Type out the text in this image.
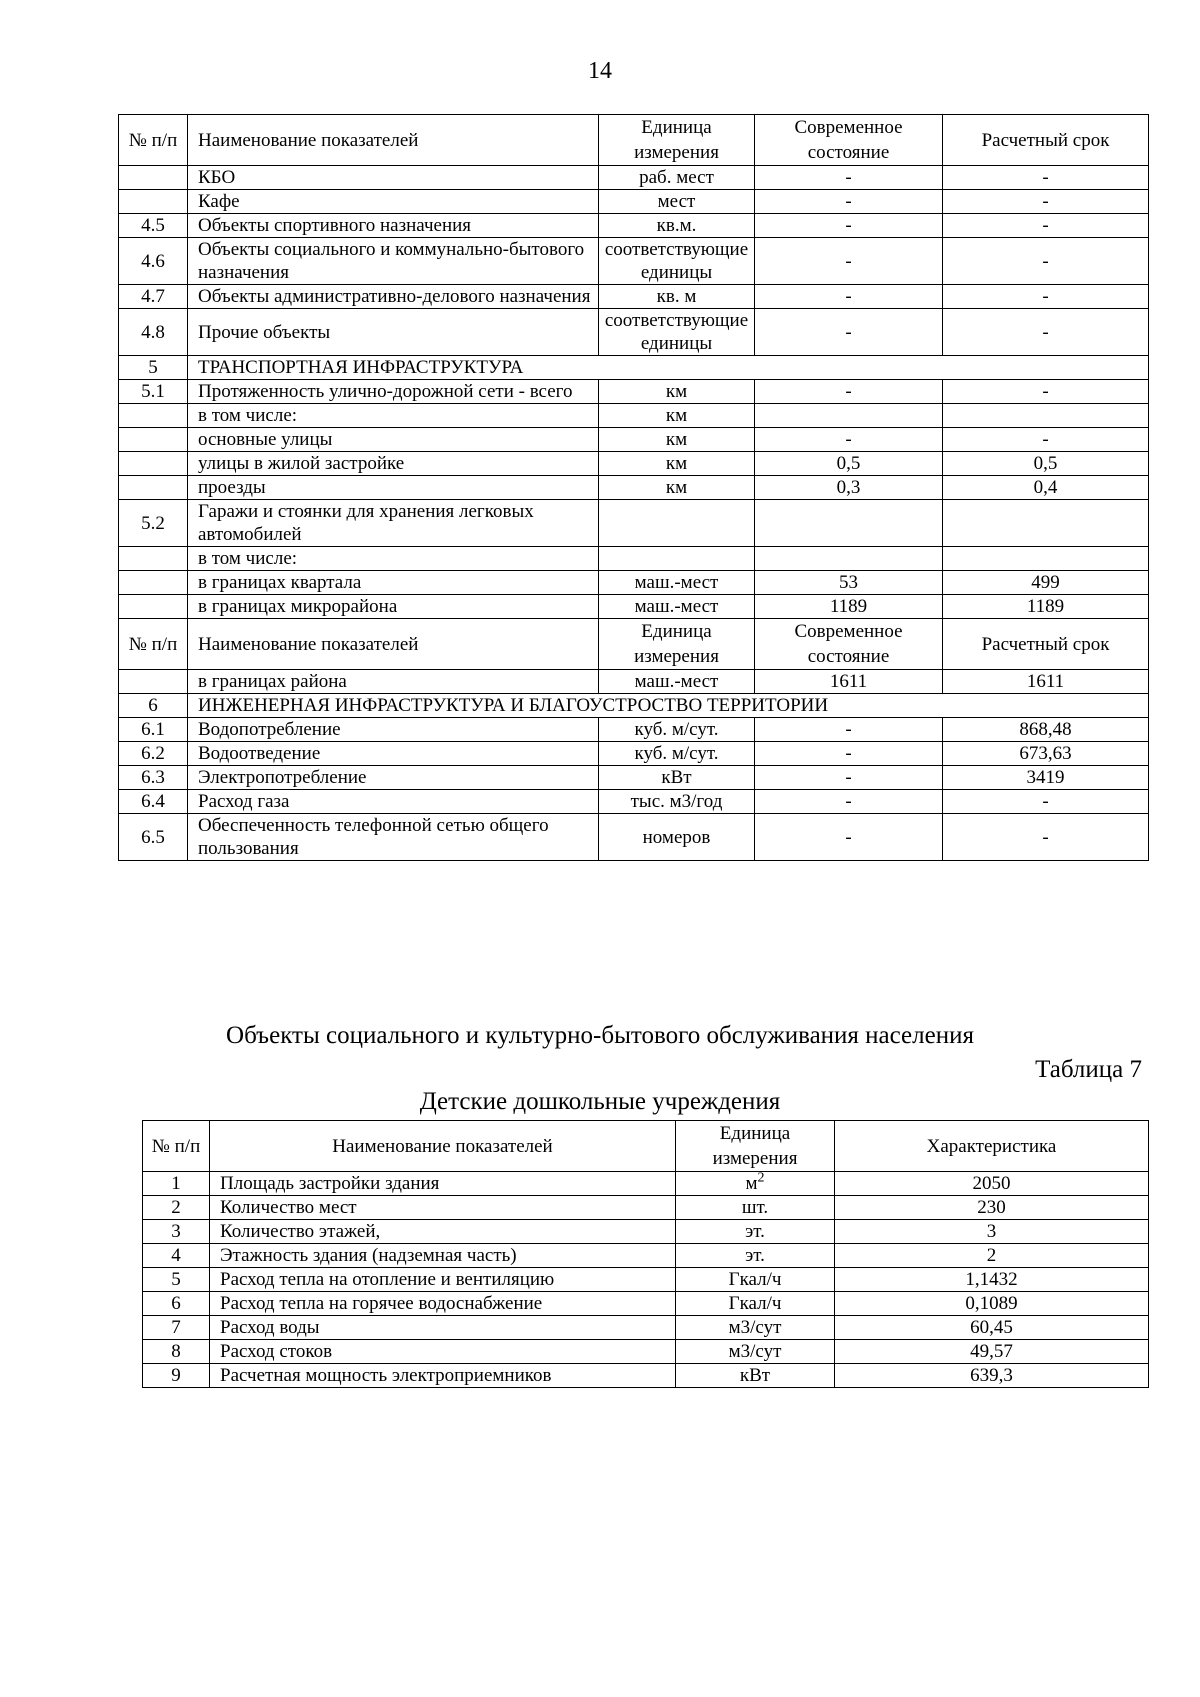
14
№ п/п	Наименование показателей	Единица измерения	Современное состояние	Расчетный срок
	КБО	раб. мест	-	-
	Кафе	мест	-	-
4.5	Объекты спортивного назначения	кв.м.	-	-
4.6	Объекты социального и коммунально-бытового назначения	соответствующие единицы	-	-
4.7	Объекты административно-делового назначения	кв. м	-	-
4.8	Прочие объекты	соответствующие единицы	-	-
5	ТРАНСПОРТНАЯ ИНФРАСТРУКТУРА			
5.1	Протяженность улично-дорожной сети - всего	км	-	-
	в том числе:	км		
	основные улицы	км	-	-
	улицы в жилой застройке	км	0,5	0,5
	проезды	км	0,3	0,4
5.2	Гаражи и стоянки для хранения легковых автомобилей			
	в том числе:			
	в границах квартала	маш.-мест	53	499
	в границах микрорайона	маш.-мест	1189	1189
№ п/п	Наименование показателей	Единица измерения	Современное состояние	Расчетный срок
	в границах района	маш.-мест	1611	1611
6	ИНЖЕНЕРНАЯ ИНФРАСТРУКТУРА И БЛАГОУСТРОСТВО ТЕРРИТОРИИ			
6.1	Водопотребление	куб. м/сут.	-	868,48
6.2	Водоотведение	куб. м/сут.	-	673,63
6.3	Электропотребление	кВт	-	3419
6.4	Расход газа	тыс. м3/год	-	-
6.5	Обеспеченность телефонной сетью общего пользования	номеров	-	-
Объекты социального и культурно-бытового обслуживания населения
Таблица 7
Детские дошкольные учреждения
№ п/п	Наименование показателей	Единица измерения	Характеристика
1	Площадь застройки здания	$м^2$	2050
2	Количество мест	шт.	230
3	Количество этажей,	эт.	3
4	Этажность здания (надземная часть)	эт.	2
5	Расход тепла на отопление и вентиляцию	Гкал/ч	1,1432
6	Расход тепла на горячее водоснабжение	Гкал/ч	0,1089
7	Расход воды	м3/сут	60,45
8	Расход стоков	м3/сут	49,57
9	Расчетная мощность электроприемников	кВт	639,3
